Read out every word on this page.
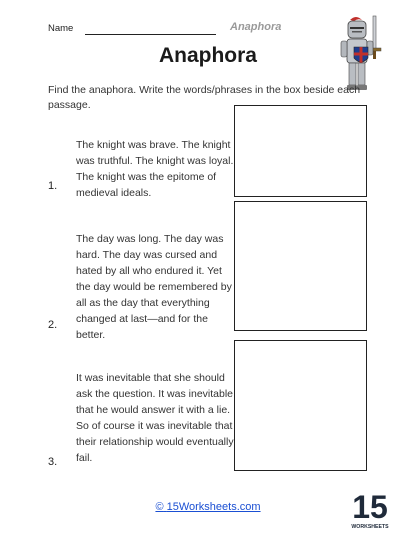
Name	Anaphora
Anaphora
Find the anaphora. Write the words/phrases in the box beside each passage.
The knight was brave. The knight was truthful. The knight was loyal. The knight was the epitome of medieval ideals.
1.
The day was long. The day was hard. The day was cursed and hated by all who endured it. Yet the day would be remembered by all as the day that everything changed at last—and for the better.
2.
It was inevitable that she should ask the question. It was inevitable that he would answer it with a lie. So of course it was inevitable that their relationship would eventually fail.
3.
© 15Worksheets.com	15
WORKSHEETS
